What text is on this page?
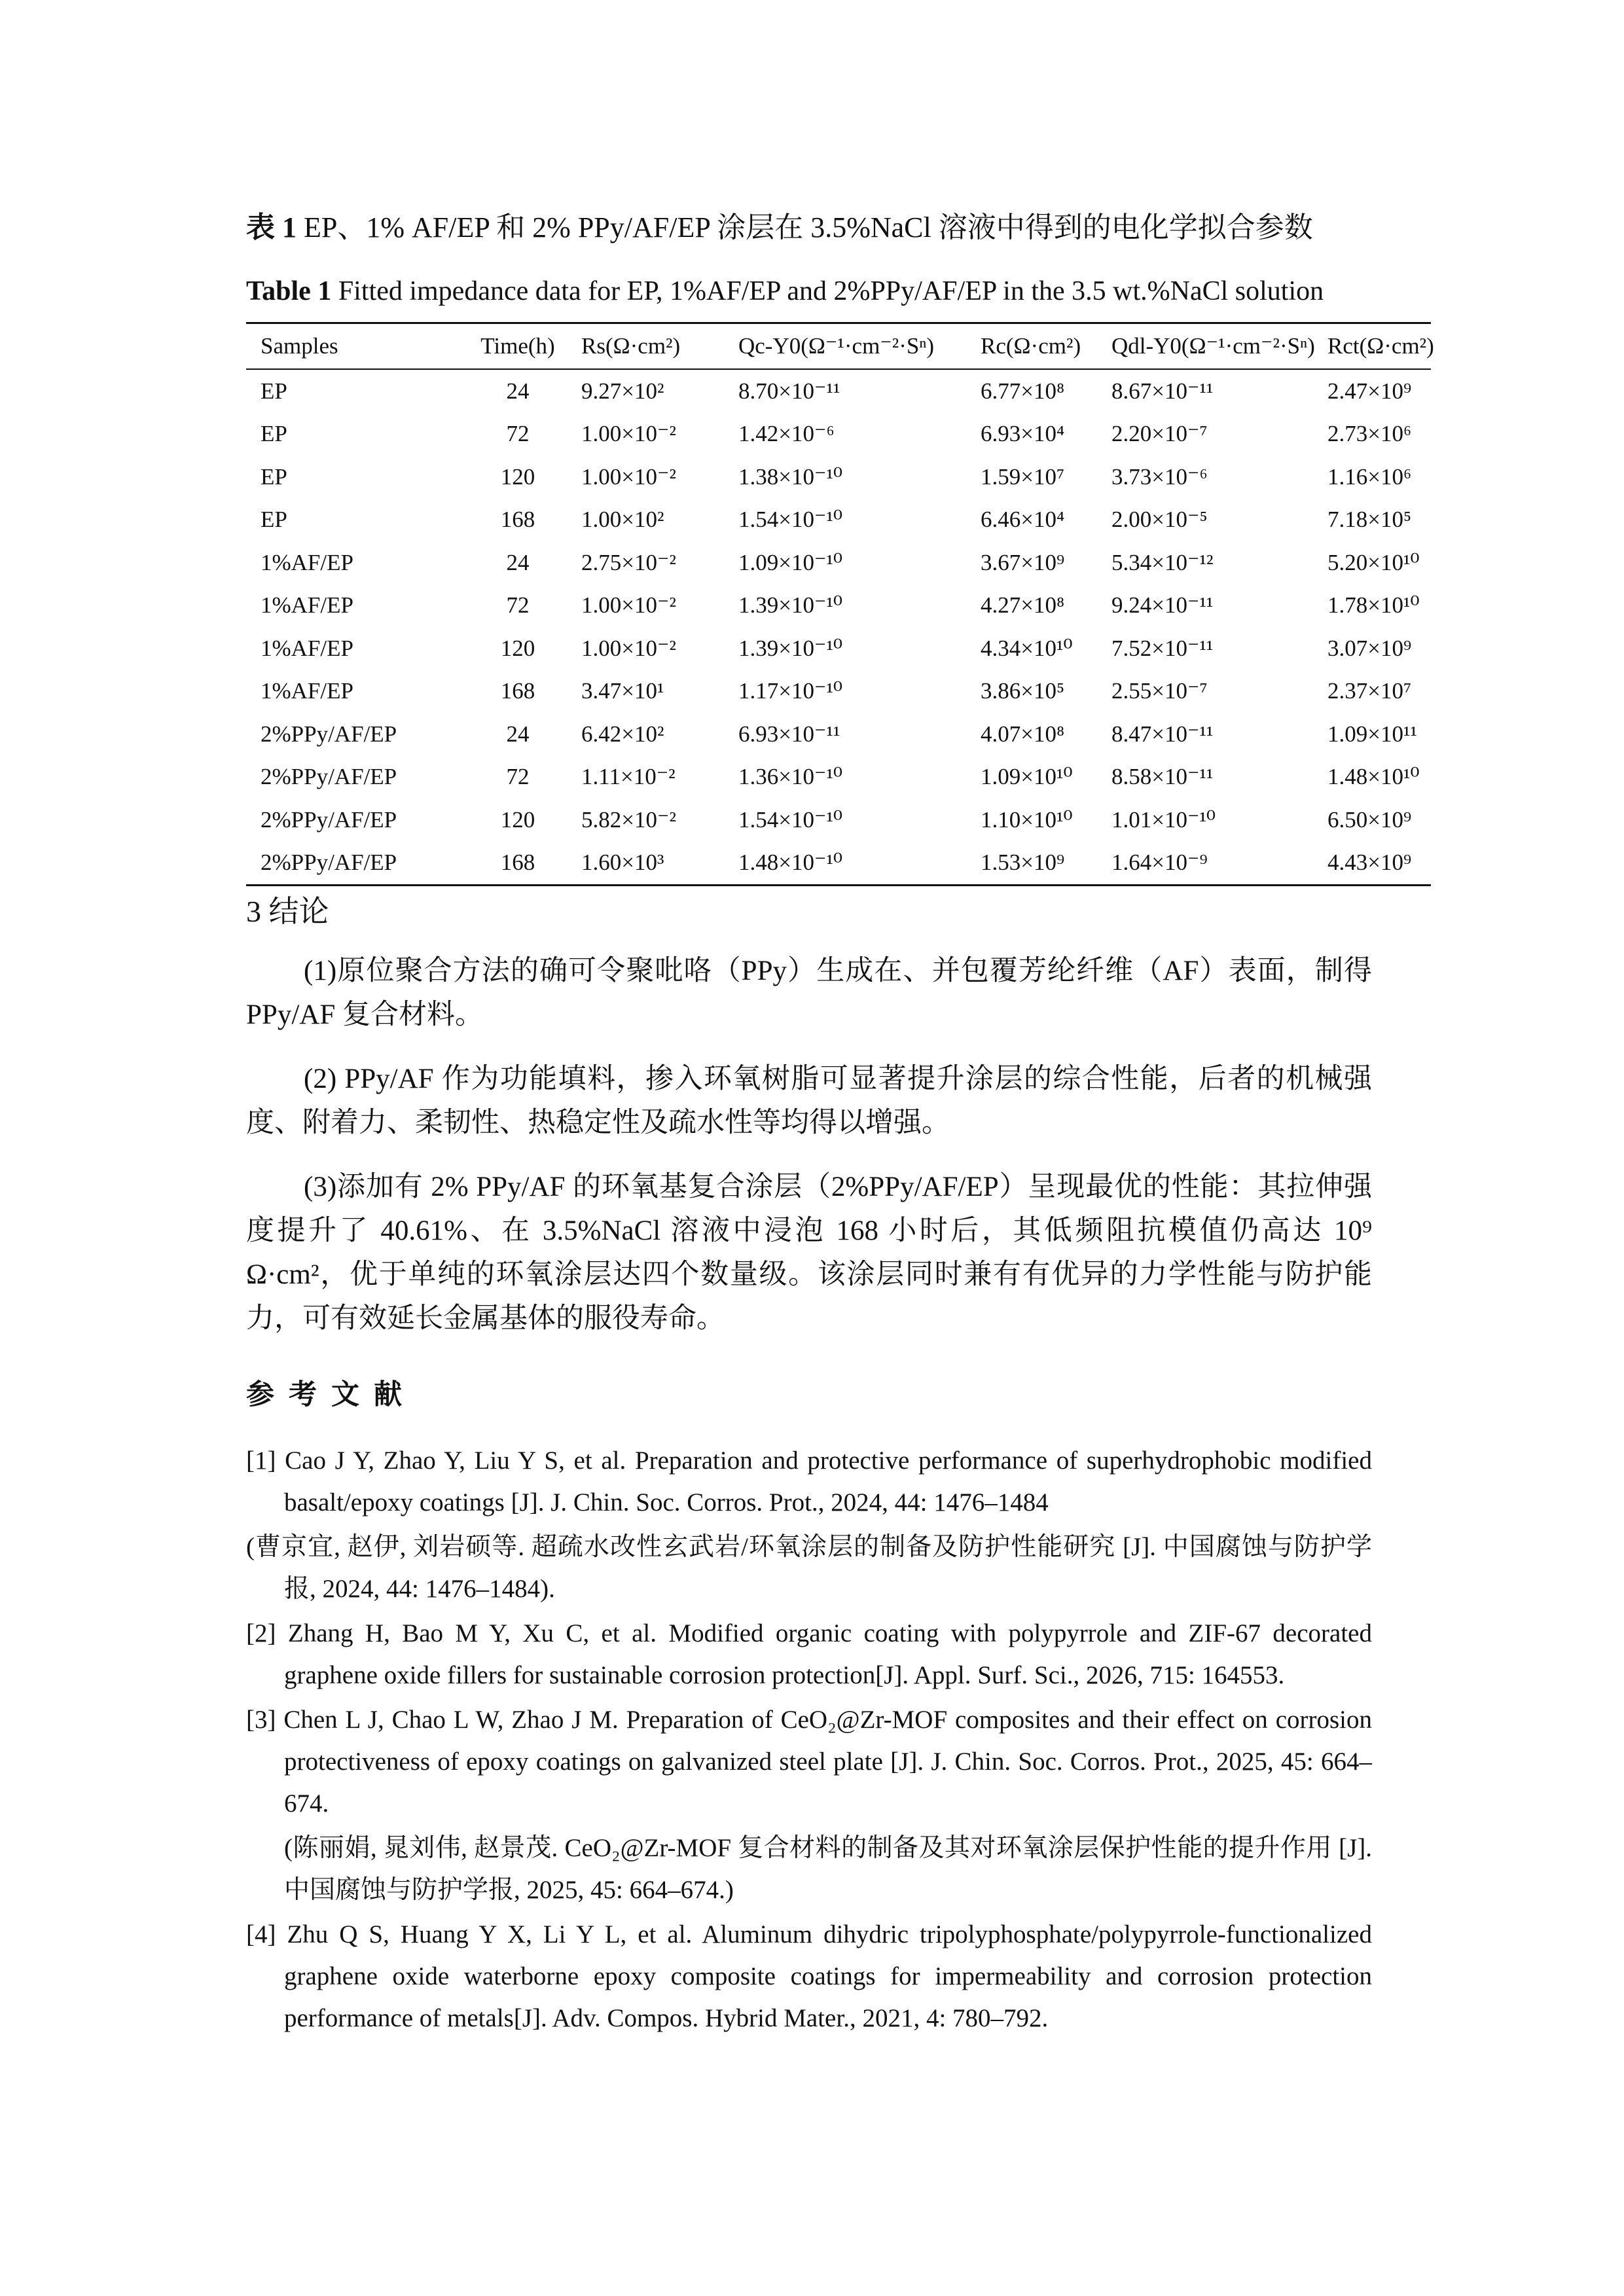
表 1 EP、1% AF/EP 和 2% PPy/AF/EP 涂层在 3.5%NaCl 溶液中得到的电化学拟合参数
Table 1 Fitted impedance data for EP, 1%AF/EP and 2%PPy/AF/EP in the 3.5 wt.%NaCl solution
Samples	Time(h)	Rs(Ω·cm²)	Qc-Y0(Ω⁻¹·cm⁻²·Sⁿ)	Rc(Ω·cm²)	Qdl-Y0(Ω⁻¹·cm⁻²·Sⁿ)	Rct(Ω·cm²)
EP	24	9.27×10²	8.70×10⁻¹¹	6.77×10⁸	8.67×10⁻¹¹	2.47×10⁹
EP	72	1.00×10⁻²	1.42×10⁻⁶	6.93×10⁴	2.20×10⁻⁷	2.73×10⁶
EP	120	1.00×10⁻²	1.38×10⁻¹⁰	1.59×10⁷	3.73×10⁻⁶	1.16×10⁶
EP	168	1.00×10²	1.54×10⁻¹⁰	6.46×10⁴	2.00×10⁻⁵	7.18×10⁵
1%AF/EP	24	2.75×10⁻²	1.09×10⁻¹⁰	3.67×10⁹	5.34×10⁻¹²	5.20×10¹⁰
1%AF/EP	72	1.00×10⁻²	1.39×10⁻¹⁰	4.27×10⁸	9.24×10⁻¹¹	1.78×10¹⁰
1%AF/EP	120	1.00×10⁻²	1.39×10⁻¹⁰	4.34×10¹⁰	7.52×10⁻¹¹	3.07×10⁹
1%AF/EP	168	3.47×10¹	1.17×10⁻¹⁰	3.86×10⁵	2.55×10⁻⁷	2.37×10⁷
2%PPy/AF/EP	24	6.42×10²	6.93×10⁻¹¹	4.07×10⁸	8.47×10⁻¹¹	1.09×10¹¹
2%PPy/AF/EP	72	1.11×10⁻²	1.36×10⁻¹⁰	1.09×10¹⁰	8.58×10⁻¹¹	1.48×10¹⁰
2%PPy/AF/EP	120	5.82×10⁻²	1.54×10⁻¹⁰	1.10×10¹⁰	1.01×10⁻¹⁰	6.50×10⁹
2%PPy/AF/EP	168	1.60×10³	1.48×10⁻¹⁰	1.53×10⁹	1.64×10⁻⁹	4.43×10⁹
3 结论
(1)原位聚合方法的确可令聚吡咯（PPy）生成在、并包覆芳纶纤维（AF）表面，制得PPy/AF 复合材料。
(2) PPy/AF 作为功能填料，掺入环氧树脂可显著提升涂层的综合性能，后者的机械强度、附着力、柔韧性、热稳定性及疏水性等均得以增强。
(3)添加有 2% PPy/AF 的环氧基复合涂层（2%PPy/AF/EP）呈现最优的性能：其拉伸强度提升了 40.61%、在 3.5%NaCl 溶液中浸泡 168 小时后，其低频阻抗模值仍高达 10⁹ Ω·cm²，优于单纯的环氧涂层达四个数量级。该涂层同时兼有有优异的力学性能与防护能力，可有效延长金属基体的服役寿命。
参考文献
[1] Cao J Y, Zhao Y, Liu Y S, et al. Preparation and protective performance of superhydrophobic modified basalt/epoxy coatings [J]. J. Chin. Soc. Corros. Prot., 2024, 44: 1476–1484
(曹京宜, 赵伊, 刘岩硕等. 超疏水改性玄武岩/环氧涂层的制备及防护性能研究 [J]. 中国腐蚀与防护学报, 2024, 44: 1476–1484).
[2] Zhang H, Bao M Y, Xu C, et al. Modified organic coating with polypyrrole and ZIF-67 decorated graphene oxide fillers for sustainable corrosion protection[J]. Appl. Surf. Sci., 2026, 715: 164553.
[3] Chen L J, Chao L W, Zhao J M. Preparation of CeO₂@Zr-MOF composites and their effect on corrosion protectiveness of epoxy coatings on galvanized steel plate [J]. J. Chin. Soc. Corros. Prot., 2025, 45: 664–674.
(陈丽娟, 晁刘伟, 赵景茂. CeO₂@Zr-MOF 复合材料的制备及其对环氧涂层保护性能的提升作用 [J]. 中国腐蚀与防护学报, 2025, 45: 664–674.)
[4] Zhu Q S, Huang Y X, Li Y L, et al. Aluminum dihydric tripolyphosphate/polypyrrole-functionalized graphene oxide waterborne epoxy composite coatings for impermeability and corrosion protection performance of metals[J]. Adv. Compos. Hybrid Mater., 2021, 4: 780–792.
